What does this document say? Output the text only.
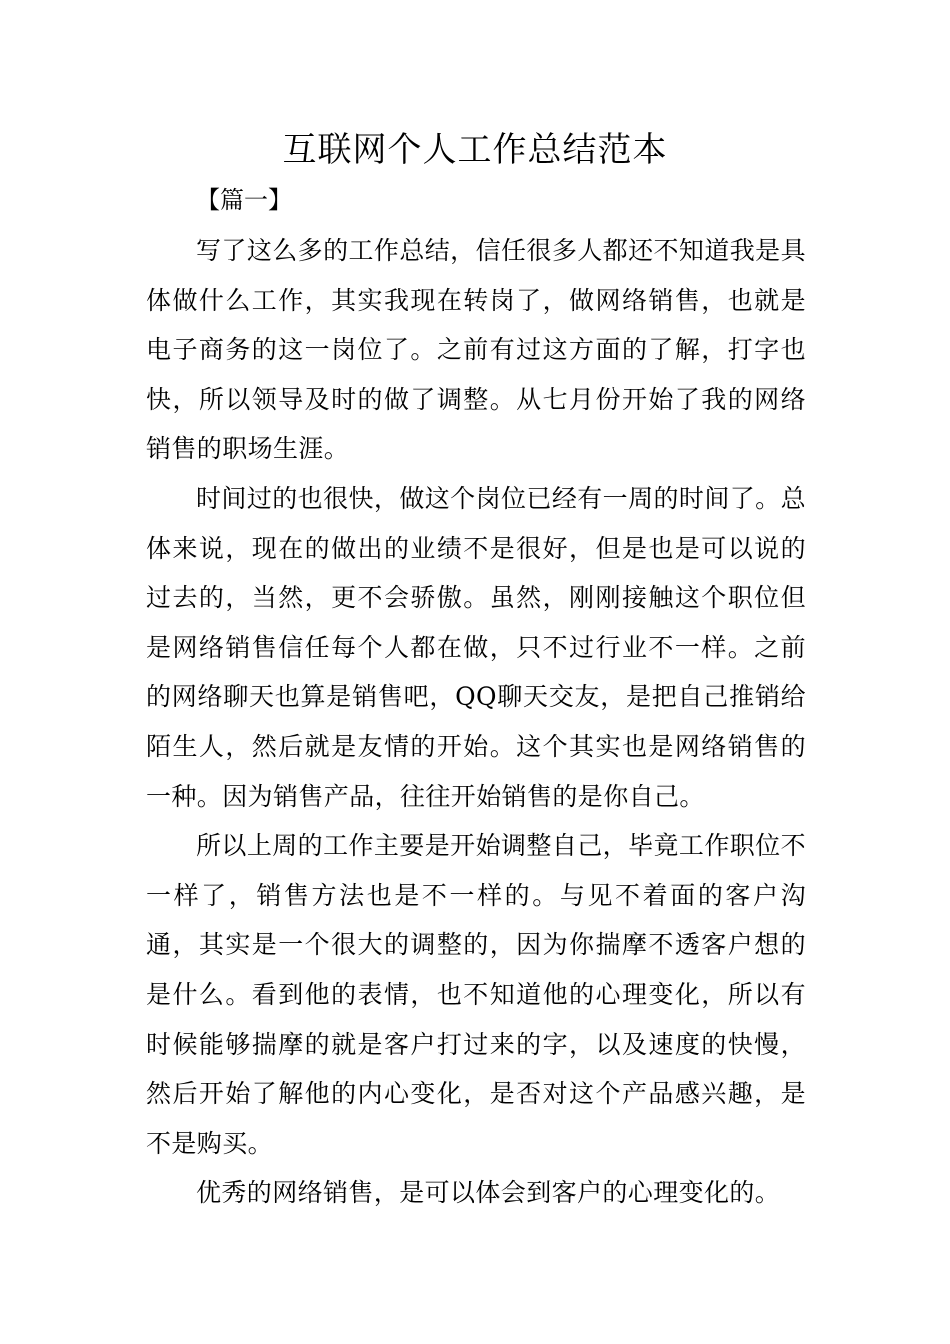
互联网个人工作总结范本

【篇一】

写了这么多的工作总结，信任很多人都还不知道我是具体做什么工作，其实我现在转岗了，做网络销售，也就是电子商务的这一岗位了。之前有过这方面的了解，打字也快，所以领导及时的做了调整。从七月份开始了我的网络销售的职场生涯。

时间过的也很快，做这个岗位已经有一周的时间了。总体来说，现在的做出的业绩不是很好，但是也是可以说的过去的，当然，更不会骄傲。虽然，刚刚接触这个职位但是网络销售信任每个人都在做，只不过行业不一样。之前的网络聊天也算是销售吧，QQ聊天交友，是把自己推销给陌生人，然后就是友情的开始。这个其实也是网络销售的一种。因为销售产品，往往开始销售的是你自己。

所以上周的工作主要是开始调整自己，毕竟工作职位不一样了，销售方法也是不一样的。与见不着面的客户沟通，其实是一个很大的调整的，因为你揣摩不透客户想的是什么。看到他的表情，也不知道他的心理变化，所以有时候能够揣摩的就是客户打过来的字，以及速度的快慢，然后开始了解他的内心变化，是否对这个产品感兴趣，是不是购买。

优秀的网络销售，是可以体会到客户的心理变化的。
